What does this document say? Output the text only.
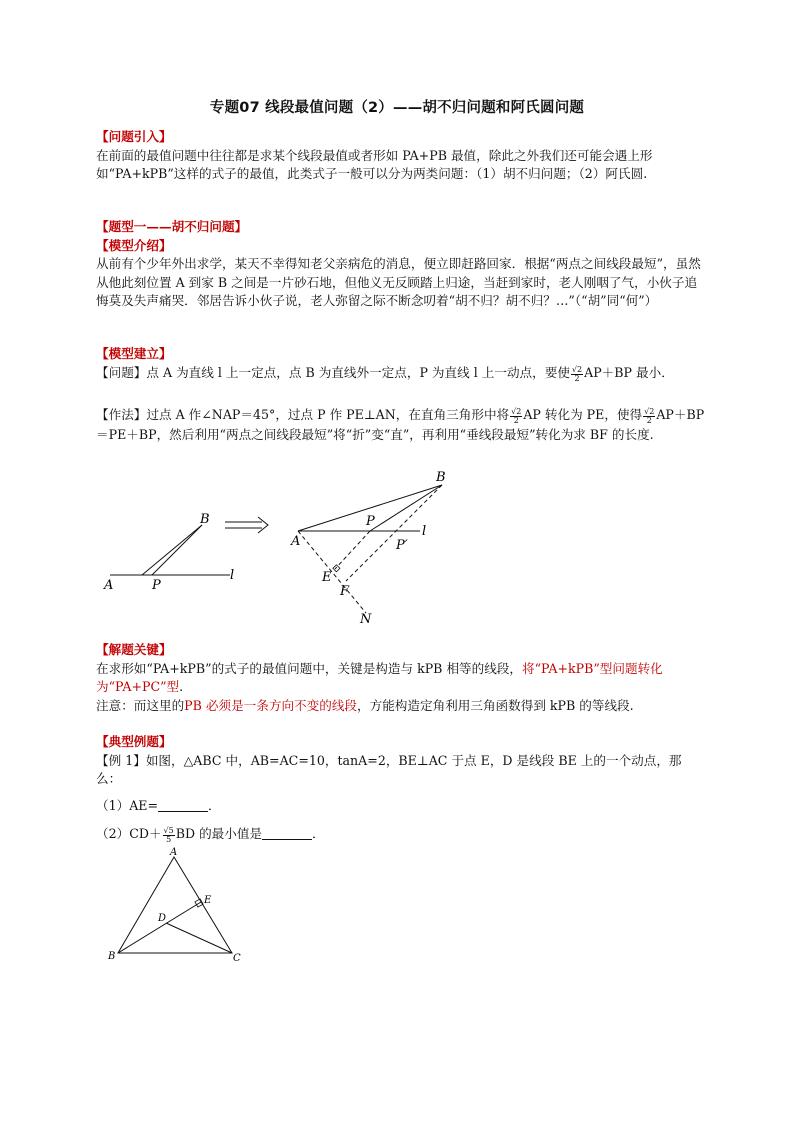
专题07 线段最值问题（2）——胡不归问题和阿氏圆问题
【问题引入】
在前面的最值问题中往往都是求某个线段最值或者形如 PA+PB 最值，除此之外我们还可能会遇上形如“PA+kPB”这样的式子的最值，此类式子一般可以分为两类问题：（1）胡不归问题；（2）阿氏圆.
【题型一——胡不归问题】
【模型介绍】
从前有个少年外出求学，某天不幸得知老父亲病危的消息，便立即赶路回家．根据“两点之间线段最短”，虽然从他此刻位置 A 到家 B 之间是一片砂石地，但他义无反顾踏上归途，当赶到家时，老人刚咽了气，小伙子追悔莫及失声痛哭．邻居告诉小伙子说，老人弥留之际不断念叨着“胡不归？胡不归？…”（“胡”同“何”）
【模型建立】
【问题】点 A 为直线 l 上一定点，点 B 为直线外一定点，P 为直线 l 上一动点，要使 $\frac{√2}{2} AP+BP$ 最小．
【作法】过点 A 作∠NAP＝45°，过点 P 作 PE⊥AN，在直角三角形中将 $\frac{√2}{2}$ AP 转化为 PE，使得 $\frac{√2}{2} AP+BP=PE+BP$，然后利用“两点之间线段最短”将“折”变“直”，再利用“垂线段最短”转化为求 BF 的长度.
A	P
B
l
A
B
P
P′
E
F
N
l
【解题关键】
在求形如“PA+kPB”的式子的最值问题中，关键是构造与 kPB 相等的线段，将“PA+kPB”型问题转化为“PA+PC”型.
注意：而这里的PB 必须是一条方向不变的线段，方能构造定角利用三角函数得到 kPB 的等线段.
【典型例题】
【例 1】如图，△ABC 中，AB=AC=10，tanA=2，BE⊥AC 于点 E，D 是线段 BE 上的一个动点，那么：
（1）AE=	．
$(2)CD+ \frac{√5}{5}$ BD 的最小值是	．
A
B	C
D
E
